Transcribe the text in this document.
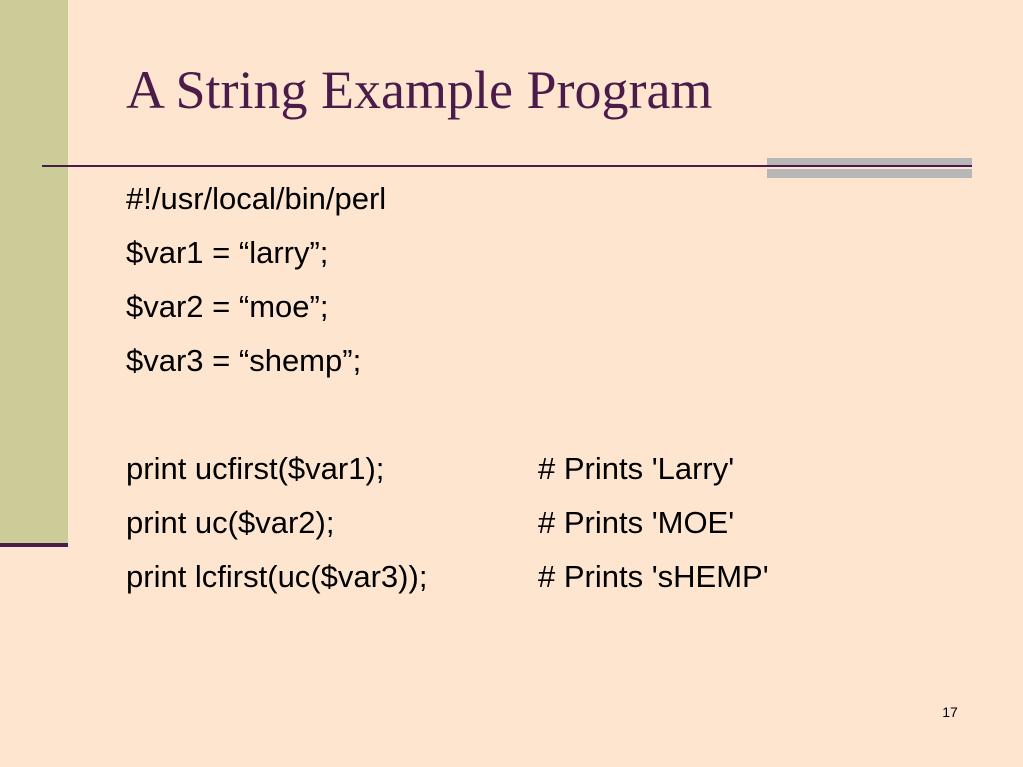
A String Example Program
#!/usr/local/bin/perl
$var1 = “larry”;
$var2 = “moe”;
$var3 = “shemp”;
print ucfirst($var1);	# Prints 'Larry'
print uc($var2);	# Prints 'MOE'
print lcfirst(uc($var3));	# Prints 'sHEMP'
17
